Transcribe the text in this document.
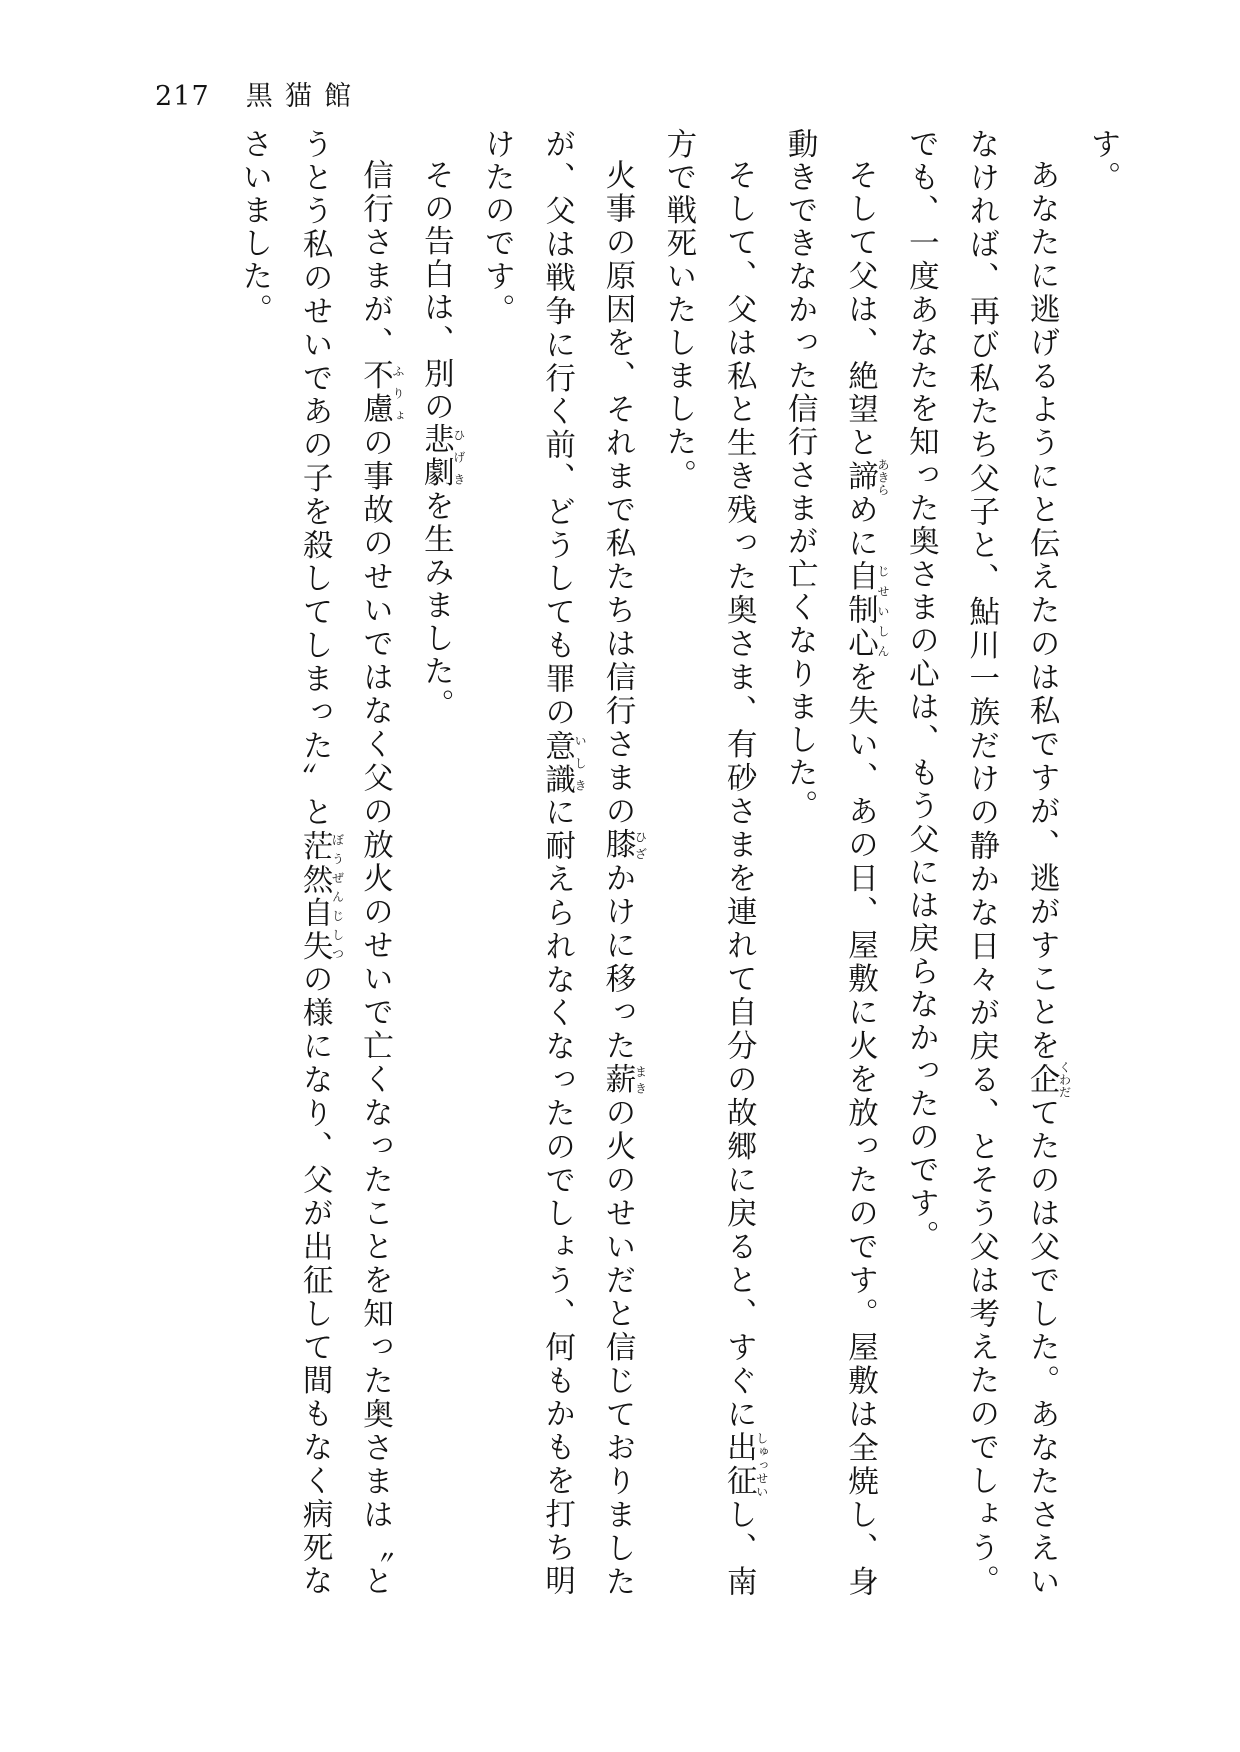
217 黒猫館

す。

あなたに逃げるようにと伝えたのは私ですが、逃がすことを企くわだてたのは父でした。あなたさえいなければ、再び私たち父子と、鮎川一族だけの静かな日々が戻る、とそう父は考えたのでしょう。でも、一度あなたを知った奥さまの心は、もう父には戻らなかったのです。

そして父は、絶望と諦あきらめに自制心じせいしんを失い、あの日、屋敷に火を放ったのです。屋敷は全焼し、身動きできなかった信行さまが亡くなりました。

そして、父は私と生き残った奥さま、有砂さまを連れて自分の故郷に戻ると、すぐに出征しゅっせいし、南方で戦死いたしました。

火事の原因を、それまで私たちは信行さまの膝ひざかけに移った薪まきの火のせいだと信じておりましたが、父は戦争に行く前、どうしても罪の意識いしきに耐えられなくなったのでしょう、何もかもを打ち明けたのです。

その告白は、別の悲劇ひげきを生みました。

信行さまが、不慮ふりょの事故のせいではなく父の放火のせいで亡くなったことを知った奥さまは〝とうとう私のせいであの子を殺してしまった〟と茫然自失ぼうぜんじしつの様になり、父が出征して間もなく病死なさいました。
